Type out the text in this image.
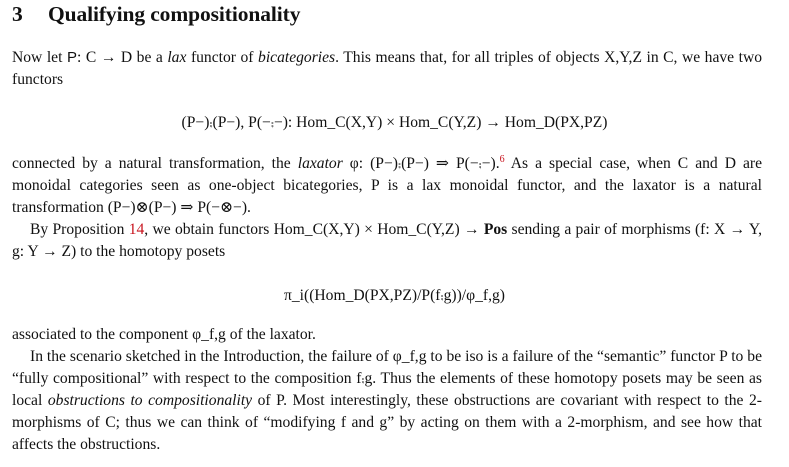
3 Qualifying compositionality

Now let P: C → D be a lax functor of bicategories. This means that, for all triples of objects X,Y,Z in C, we have two functors

(P−)⨾(P−), P(−⨾−): Hom_C(X,Y) × Hom_C(Y,Z) → Hom_D(PX,PZ)

connected by a natural transformation, the laxator φ: (P−)⨾(P−) ⇒ P(−⨾−).$^6$ As a special case, when C and D are monoidal categories seen as one-object bicategories, P is a lax monoidal functor, and the laxator is a natural transformation (P−)⊗(P−) ⇒ P(−⊗−).

By Proposition 14, we obtain functors Hom_C(X,Y) × Hom_C(Y,Z) → Pos sending a pair of morphisms (f: X → Y, g: Y → Z) to the homotopy posets

π_i((Hom_D(PX,PZ)/P(f⨾g))/φ_f,g)

associated to the component φ_f,g of the laxator.

In the scenario sketched in the Introduction, the failure of φ_f,g to be iso is a failure of the “semantic” functor P to be “fully compositional” with respect to the composition f⨾g. Thus the elements of these homotopy posets may be seen as local obstructions to compositionality of P. Most interestingly, these obstructions are covariant with respect to the 2-morphisms of C; thus we can think of “modifying f and g” by acting on them with a 2-morphism, and see how that affects the obstructions.
